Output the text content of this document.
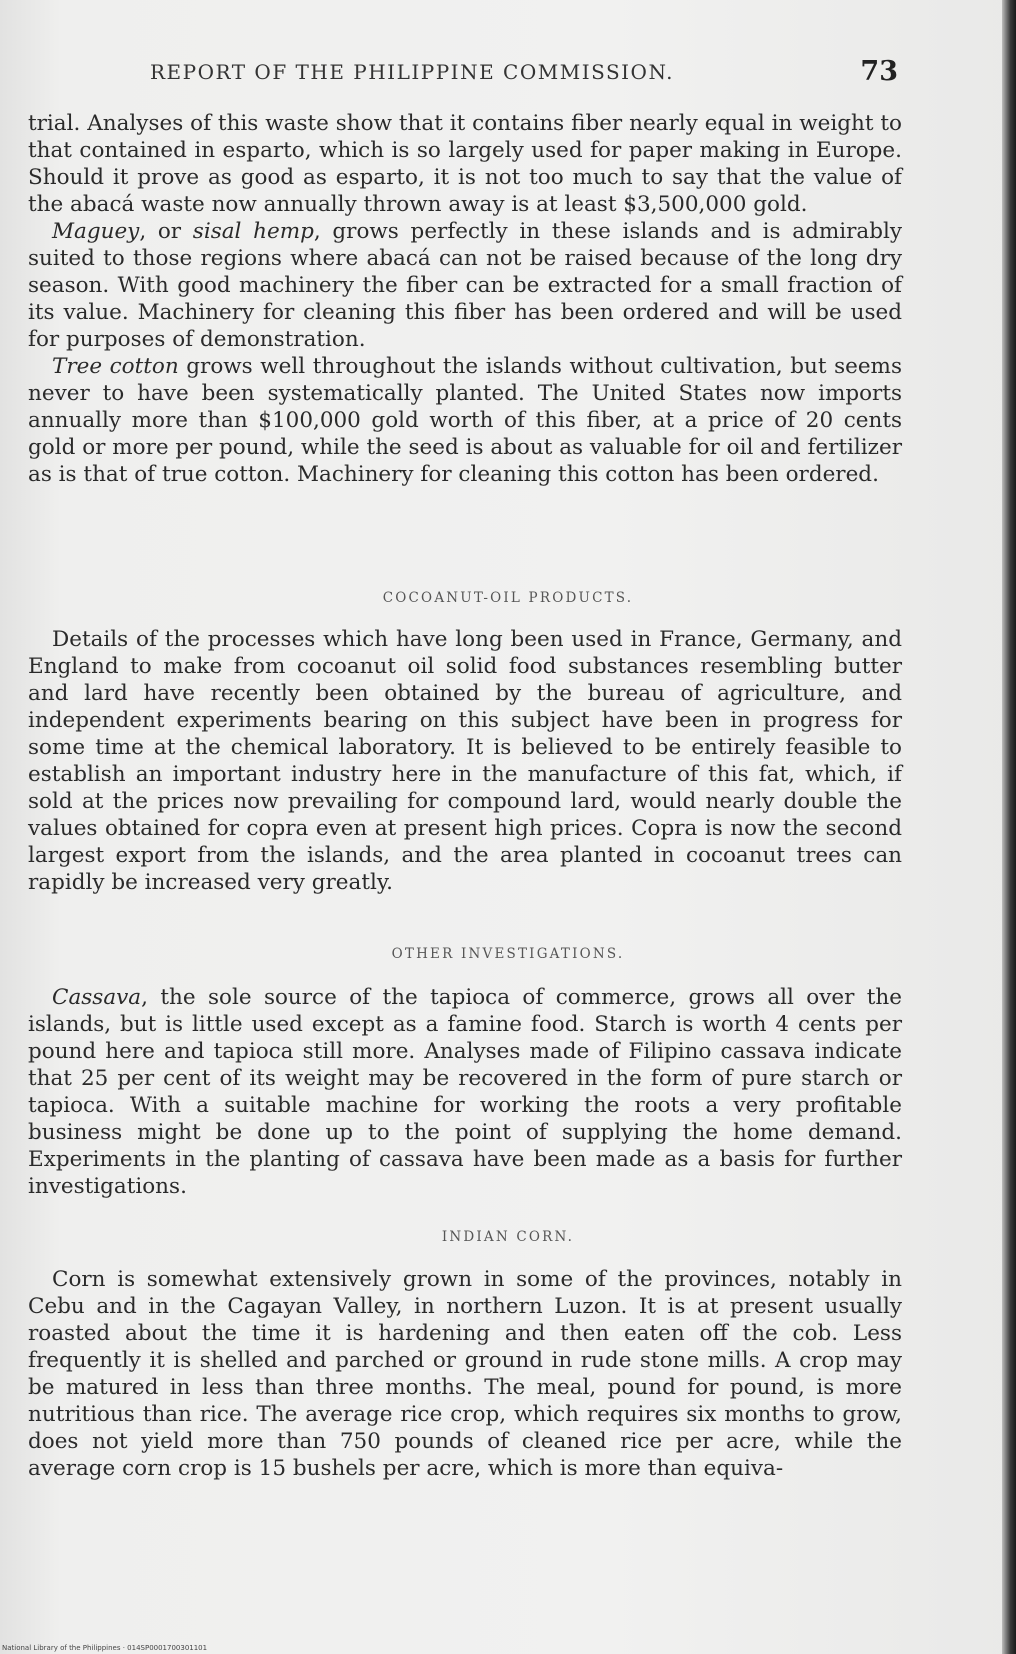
REPORT OF THE PHILIPPINE COMMISSION.	73

trial. Analyses of this waste show that it contains fiber nearly equal in weight to that contained in esparto, which is so largely used for paper making in Europe. Should it prove as good as esparto, it is not too much to say that the value of the abacá waste now annually thrown away is at least $3,500,000 gold.

Maguey, or sisal hemp, grows perfectly in these islands and is admirably suited to those regions where abacá can not be raised because of the long dry season. With good machinery the fiber can be extracted for a small fraction of its value. Machinery for cleaning this fiber has been ordered and will be used for purposes of demonstration.

Tree cotton grows well throughout the islands without cultivation, but seems never to have been systematically planted. The United States now imports annually more than $100,000 gold worth of this fiber, at a price of 20 cents gold or more per pound, while the seed is about as valuable for oil and fertilizer as is that of true cotton. Machinery for cleaning this cotton has been ordered.

COCOANUT-OIL PRODUCTS.

Details of the processes which have long been used in France, Germany, and England to make from cocoanut oil solid food substances resembling butter and lard have recently been obtained by the bureau of agriculture, and independent experiments bearing on this subject have been in progress for some time at the chemical laboratory. It is believed to be entirely feasible to establish an important industry here in the manufacture of this fat, which, if sold at the prices now prevailing for compound lard, would nearly double the values obtained for copra even at present high prices. Copra is now the second largest export from the islands, and the area planted in cocoanut trees can rapidly be increased very greatly.

OTHER INVESTIGATIONS.

Cassava, the sole source of the tapioca of commerce, grows all over the islands, but is little used except as a famine food. Starch is worth 4 cents per pound here and tapioca still more. Analyses made of Filipino cassava indicate that 25 per cent of its weight may be recovered in the form of pure starch or tapioca. With a suitable machine for working the roots a very profitable business might be done up to the point of supplying the home demand. Experiments in the planting of cassava have been made as a basis for further investigations.

INDIAN CORN.

Corn is somewhat extensively grown in some of the provinces, notably in Cebu and in the Cagayan Valley, in northern Luzon. It is at present usually roasted about the time it is hardening and then eaten off the cob. Less frequently it is shelled and parched or ground in rude stone mills. A crop may be matured in less than three months. The meal, pound for pound, is more nutritious than rice. The average rice crop, which requires six months to grow, does not yield more than 750 pounds of cleaned rice per acre, while the average corn crop is 15 bushels per acre, which is more than equiva-

National Library of the Philippines · 014SP0001700301101
